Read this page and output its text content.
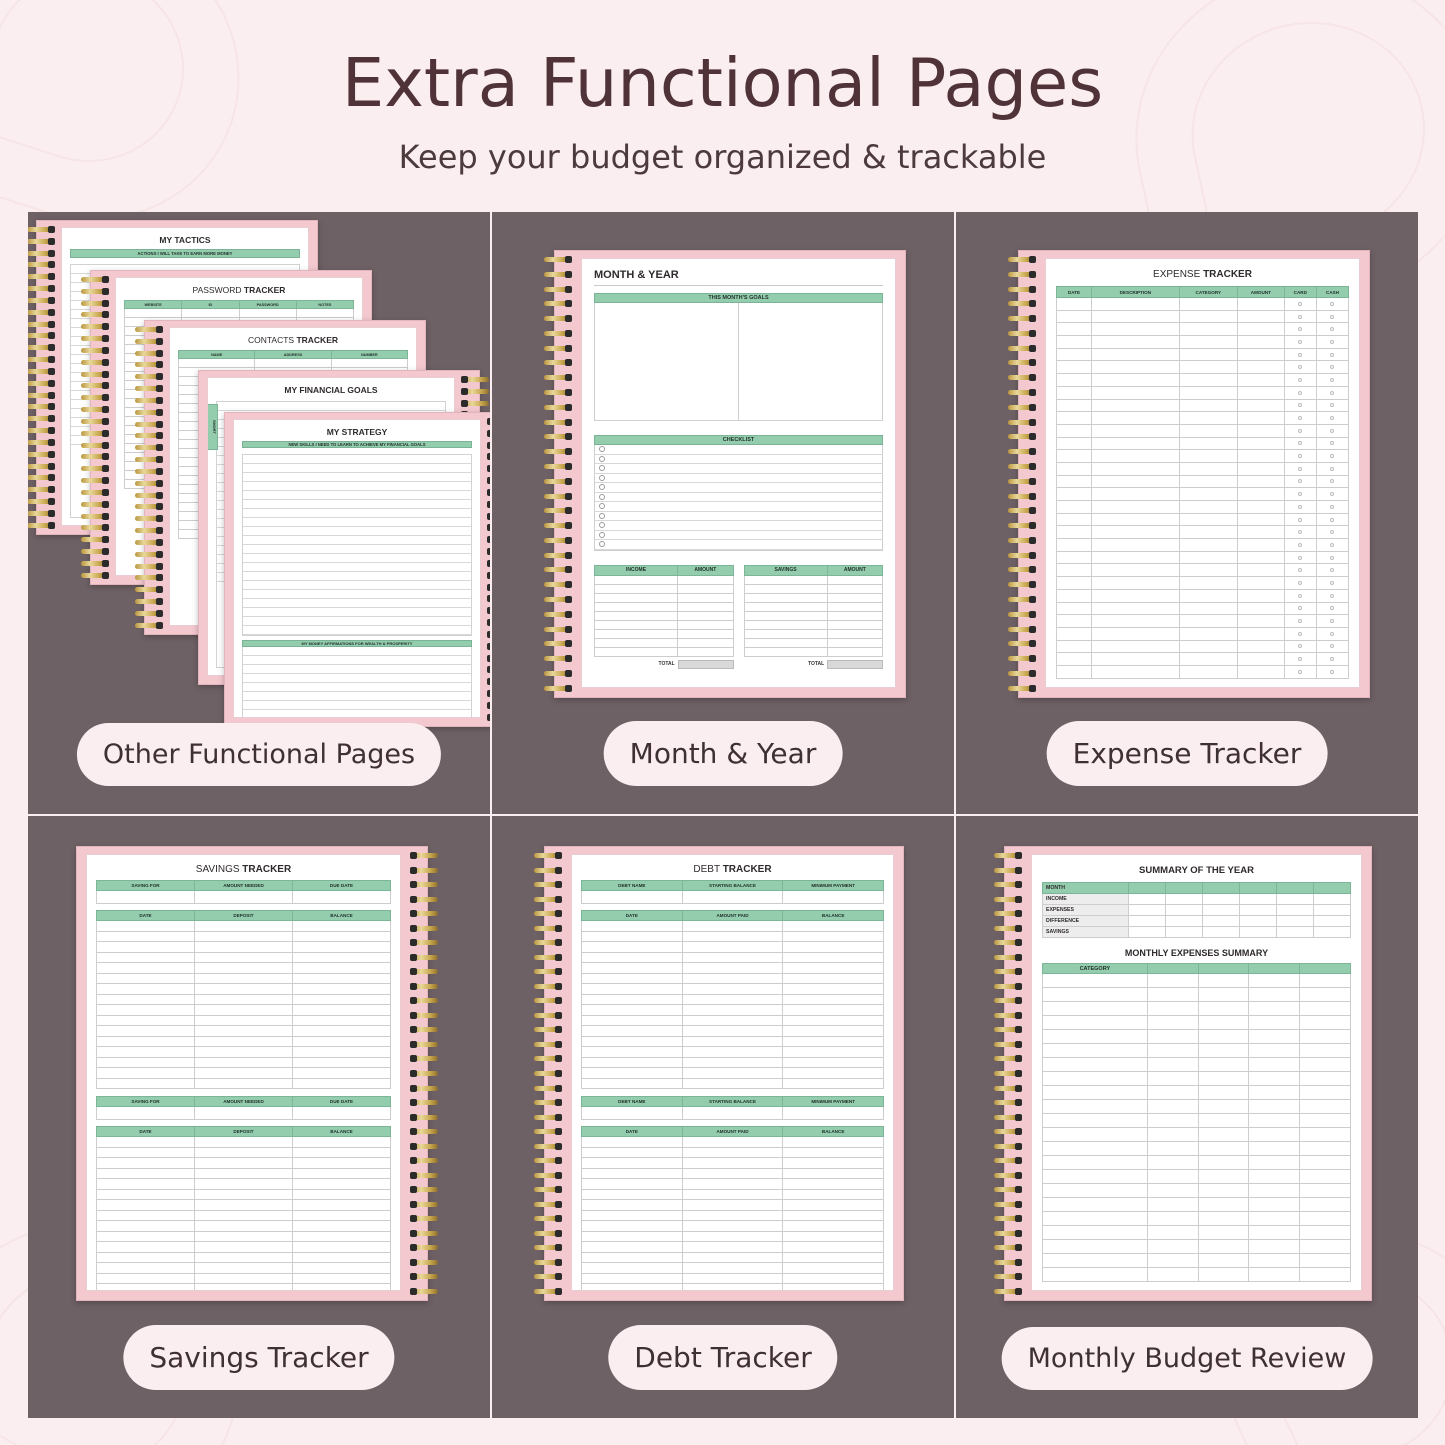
Extra Functional Pages

Keep your budget organized & trackable

MY TACTICS
ACTIONS I WILL TAKE TO EARN MORE MONEY
PASSWORD TRACKER
WEBSITE	ID	PASSWORD	NOTES

CONTACTS TRACKER
NAME	ADDRESS	NUMBER

SHORT
MY FINANCIAL GOALS
MY STRATEGY
NEW SKILLS I NEED TO LEARN TO ACHIEVE MY FINANCIAL GOALS
MY MONEY AFFIRMATIONS FOR WEALTH & PROSPERITY
Other Functional Pages
MONTH & YEAR
THIS MONTH'S GOALS
CHECKLIST
INCOME	AMOUNT

TOTAL
SAVINGS	AMOUNT

TOTAL
Month & Year
EXPENSE TRACKER
DATE	DESCRIPTION	CATEGORY	AMOUNT	CARD	CASH

Expense Tracker
SAVINGS TRACKER
SAVING FOR	AMOUNT NEEDED	DUE DATE

DATE	DEPOSIT	BALANCE

SAVING FOR	AMOUNT NEEDED	DUE DATE

DATE	DEPOSIT	BALANCE

Savings Tracker
DEBT TRACKER
DEBT NAME	STARTING BALANCE	MINIMUM PAYMENT

DATE	AMOUNT PAID	BALANCE

DEBT NAME	STARTING BALANCE	MINIMUM PAYMENT

DATE	AMOUNT PAID	BALANCE

Debt Tracker
SUMMARY OF THE YEAR
MONTH						
INCOME						
EXPENSES						
DIFFERENCE						
SAVINGS						
MONTHLY EXPENSES SUMMARY
CATEGORY				

Monthly Budget Review
